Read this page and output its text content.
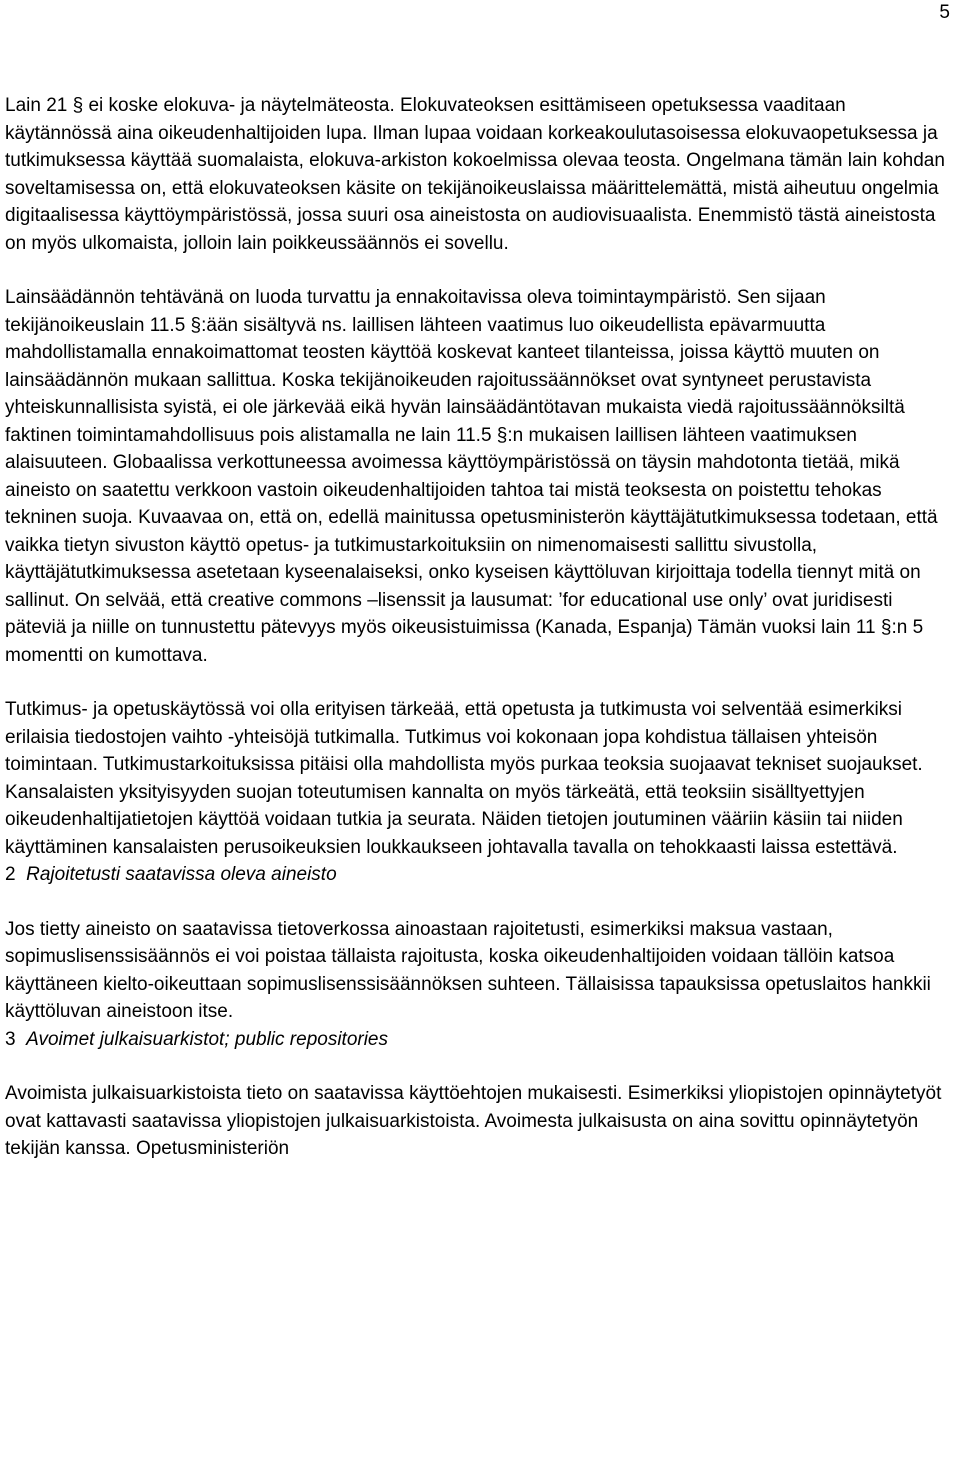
5

Lain 21 § ei koske elokuva- ja näytelmäteosta. Elokuvateoksen esittämiseen opetuksessa vaaditaan käytännössä aina oikeudenhaltijoiden lupa. Ilman lupaa voidaan korkeakoulutasoisessa elokuvaopetuksessa ja tutkimuksessa käyttää suomalaista, elokuva-arkiston kokoelmissa olevaa teosta. Ongelmana tämän lain kohdan soveltamisessa on, että elokuvateoksen käsite on tekijänoikeuslaissa määrittelemättä, mistä aiheutuu ongelmia digitaalisessa käyttöympäristössä, jossa suuri osa aineistosta on audiovisuaalista. Enemmistö tästä aineistosta on myös ulkomaista, jolloin lain poikkeussäännös ei sovellu.

Lainsäädännön tehtävänä on luoda turvattu ja ennakoitavissa oleva toimintaympäristö. Sen sijaan tekijänoikeuslain 11.5 §:ään sisältyvä ns. laillisen lähteen vaatimus luo oikeudellista epävarmuutta mahdollistamalla ennakoimattomat teosten käyttöä koskevat kanteet tilanteissa, joissa käyttö muuten on lainsäädännön mukaan sallittua. Koska tekijänoikeuden rajoitussäännökset ovat syntyneet perustavista yhteiskunnallisista syistä, ei ole järkevää eikä hyvän lainsäädäntötavan mukaista viedä rajoitussäännöksiltä faktinen toimintamahdollisuus pois alistamalla ne lain 11.5 §:n mukaisen laillisen lähteen vaatimuksen alaisuuteen. Globaalissa verkottuneessa avoimessa käyttöympäristössä on täysin mahdotonta tietää, mikä aineisto on saatettu verkkoon vastoin oikeudenhaltijoiden tahtoa tai mistä teoksesta on poistettu tehokas tekninen suoja. Kuvaavaa on, että on, edellä mainitussa opetusministerön käyttäjätutkimuksessa todetaan, että vaikka tietyn sivuston käyttö opetus- ja tutkimustarkoituksiin on nimenomaisesti sallittu sivustolla, käyttäjätutkimuksessa asetetaan kyseenalaiseksi, onko kyseisen käyttöluvan kirjoittaja todella tiennyt mitä on sallinut. On selvää, että creative commons –lisenssit ja lausumat: ’for educational use only’ ovat juridisesti päteviä ja niille on tunnustettu pätevyys myös oikeusistuimissa (Kanada, Espanja) Tämän vuoksi lain 11 §:n 5 momentti on kumottava.

Tutkimus- ja opetuskäytössä voi olla erityisen tärkeää, että opetusta ja tutkimusta voi selventää esimerkiksi erilaisia tiedostojen vaihto -yhteisöjä tutkimalla. Tutkimus voi kokonaan jopa kohdistua tällaisen yhteisön toimintaan. Tutkimustarkoituksissa pitäisi olla mahdollista myös purkaa teoksia suojaavat tekniset suojaukset. Kansalaisten yksityisyyden suojan toteutumisen kannalta on myös tärkeätä, että teoksiin sisälltyettyjen oikeudenhaltijatietojen käyttöä voidaan tutkia ja seurata. Näiden tietojen joutuminen vääriin käsiin tai niiden käyttäminen kansalaisten perusoikeuksien loukkaukseen johtavalla tavalla on tehokkaasti laissa estettävä.

2 Rajoitetusti saatavissa oleva aineisto

Jos tietty aineisto on saatavissa tietoverkossa ainoastaan rajoitetusti, esimerkiksi maksua vastaan, sopimuslisenssisäännös ei voi poistaa tällaista rajoitusta, koska oikeudenhaltijoiden voidaan tällöin katsoa käyttäneen kielto-oikeuttaan sopimuslisenssisäännöksen suhteen. Tällaisissa tapauksissa opetuslaitos hankkii käyttöluvan aineistoon itse.

3 Avoimet julkaisuarkistot; public repositories

Avoimista julkaisuarkistoista tieto on saatavissa käyttöehtojen mukaisesti. Esimerkiksi yliopistojen opinnäytetyöt ovat kattavasti saatavissa yliopistojen julkaisuarkistoista. Avoimesta julkaisusta on aina sovittu opinnäytetyön tekijän kanssa. Opetusministeriön
